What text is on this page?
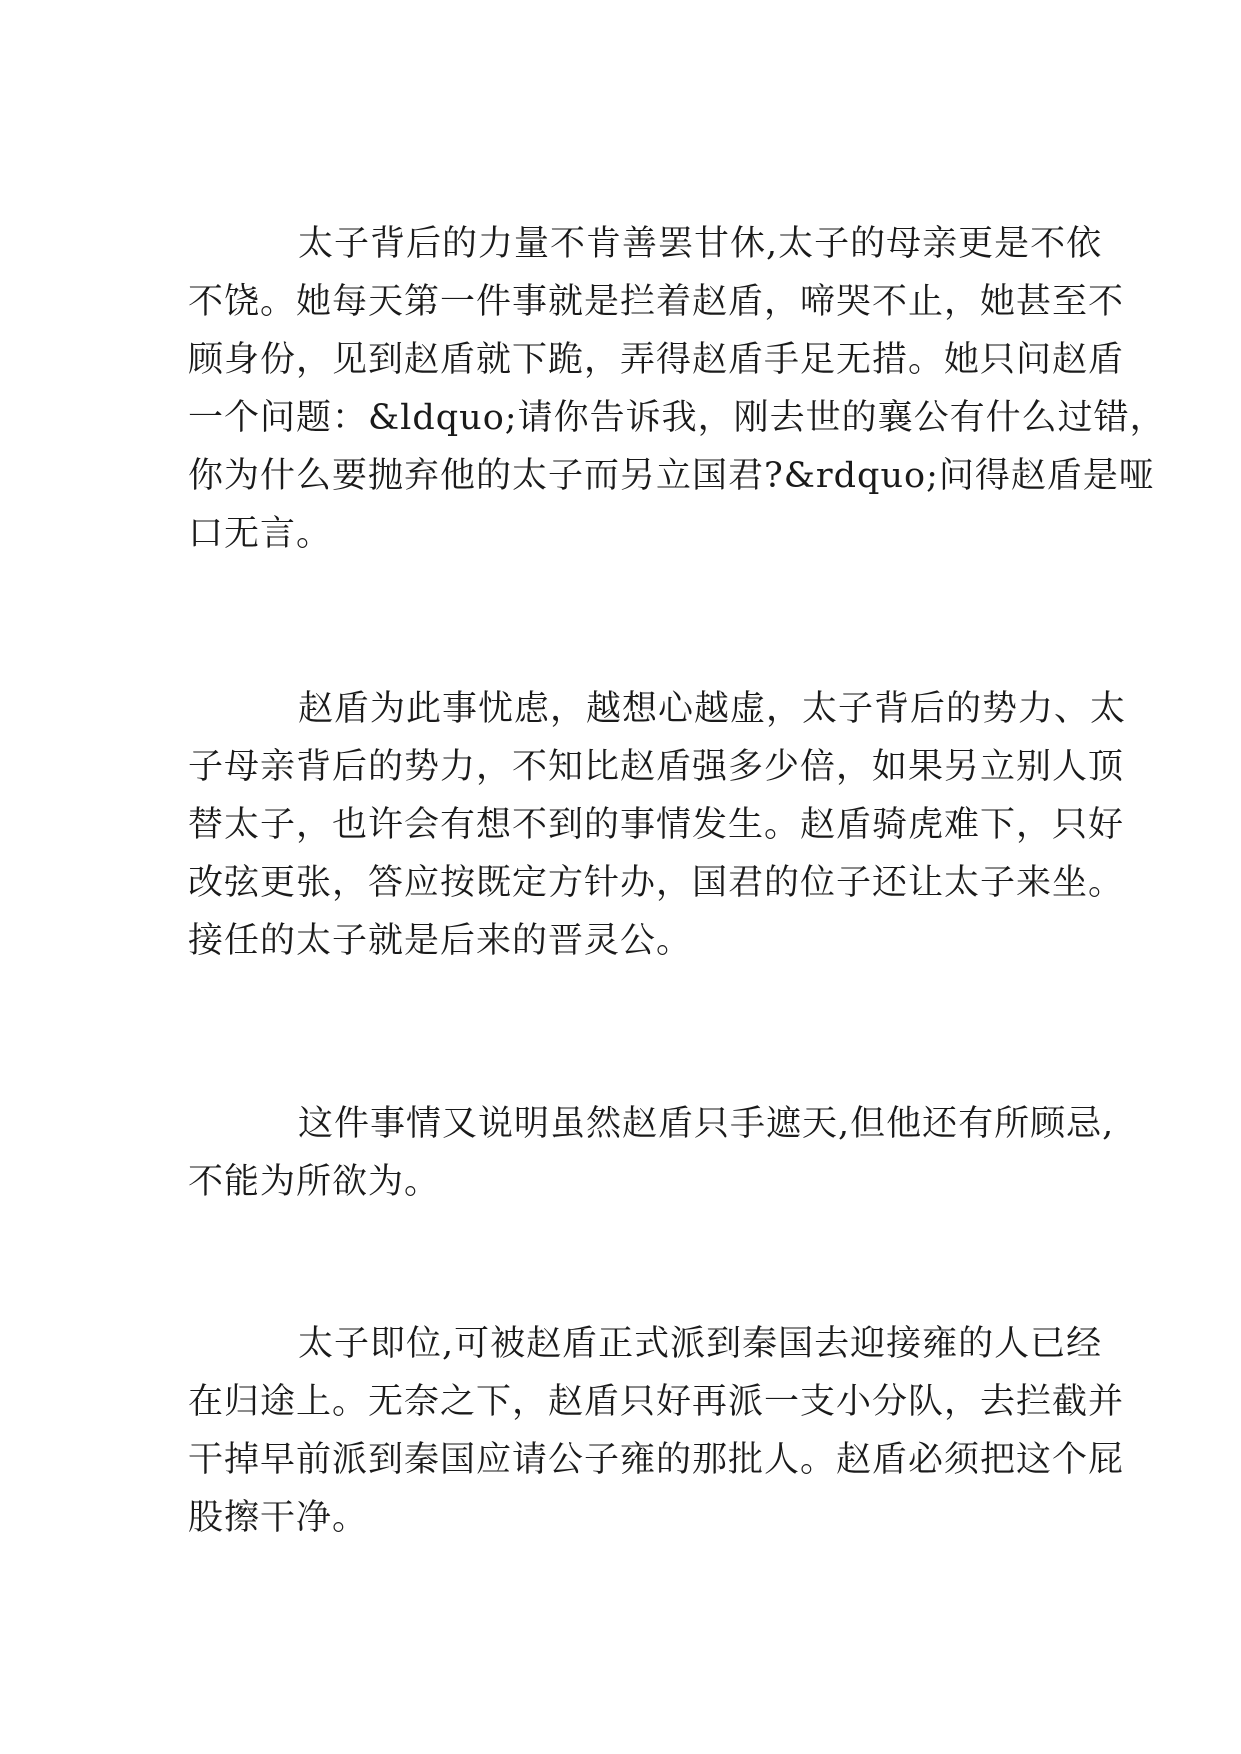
太子背后的力量不肯善罢甘休,太子的母亲更是不依
不饶。她每天第一件事就是拦着赵盾，啼哭不止，她甚至不
顾身份，见到赵盾就下跪，弄得赵盾手足无措。她只问赵盾
一个问题：&ldquo;请你告诉我，刚去世的襄公有什么过错，
你为什么要抛弃他的太子而另立国君?&rdquo;问得赵盾是哑
口无言。
赵盾为此事忧虑，越想心越虚，太子背后的势力、太
子母亲背后的势力，不知比赵盾强多少倍，如果另立别人顶
替太子，也许会有想不到的事情发生。赵盾骑虎难下，只好
改弦更张，答应按既定方针办，国君的位子还让太子来坐。
接任的太子就是后来的晋灵公。
这件事情又说明虽然赵盾只手遮天,但他还有所顾忌,
不能为所欲为。
太子即位,可被赵盾正式派到秦国去迎接雍的人已经
在归途上。无奈之下，赵盾只好再派一支小分队，去拦截并
干掉早前派到秦国应请公子雍的那批人。赵盾必须把这个屁
股擦干净。
